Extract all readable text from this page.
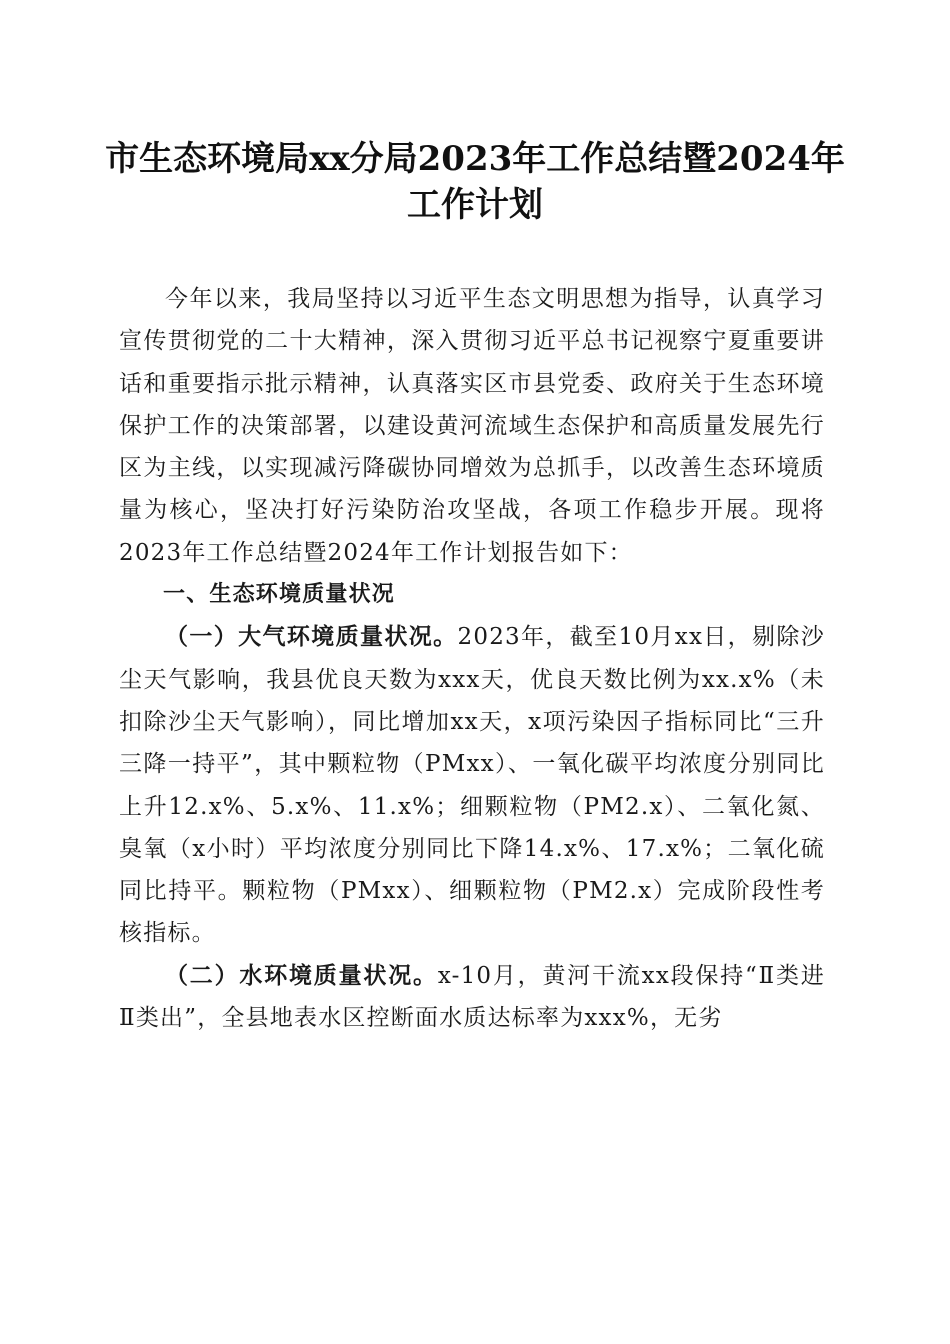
市生态环境局xx分局2023年工作总结暨2024年工作计划

今年以来，我局坚持以习近平生态文明思想为指导，认真学习宣传贯彻党的二十大精神，深入贯彻习近平总书记视察宁夏重要讲话和重要指示批示精神，认真落实区市县党委、政府关于生态环境保护工作的决策部署，以建设黄河流域生态保护和高质量发展先行区为主线，以实现减污降碳协同增效为总抓手，以改善生态环境质量为核心，坚决打好污染防治攻坚战，各项工作稳步开展。现将2023年工作总结暨2024年工作计划报告如下：

一、生态环境质量状况

（一）大气环境质量状况。2023年，截至10月xx日，剔除沙尘天气影响，我县优良天数为xxx天，优良天数比例为xx.x%（未扣除沙尘天气影响），同比增加xx天，x项污染因子指标同比“三升三降一持平”，其中颗粒物（PMxx）、一氧化碳平均浓度分别同比上升12.x%、5.x%、11.x%；细颗粒物（PM2.x）、二氧化氮、臭氧（x小时）平均浓度分别同比下降14.x%、17.x%；二氧化硫同比持平。颗粒物（PMxx）、细颗粒物（PM2.x）完成阶段性考核指标。

（二）水环境质量状况。x-10月，黄河干流xx段保持“Ⅱ类进Ⅱ类出”，全县地表水区控断面水质达标率为xxx%，无劣
